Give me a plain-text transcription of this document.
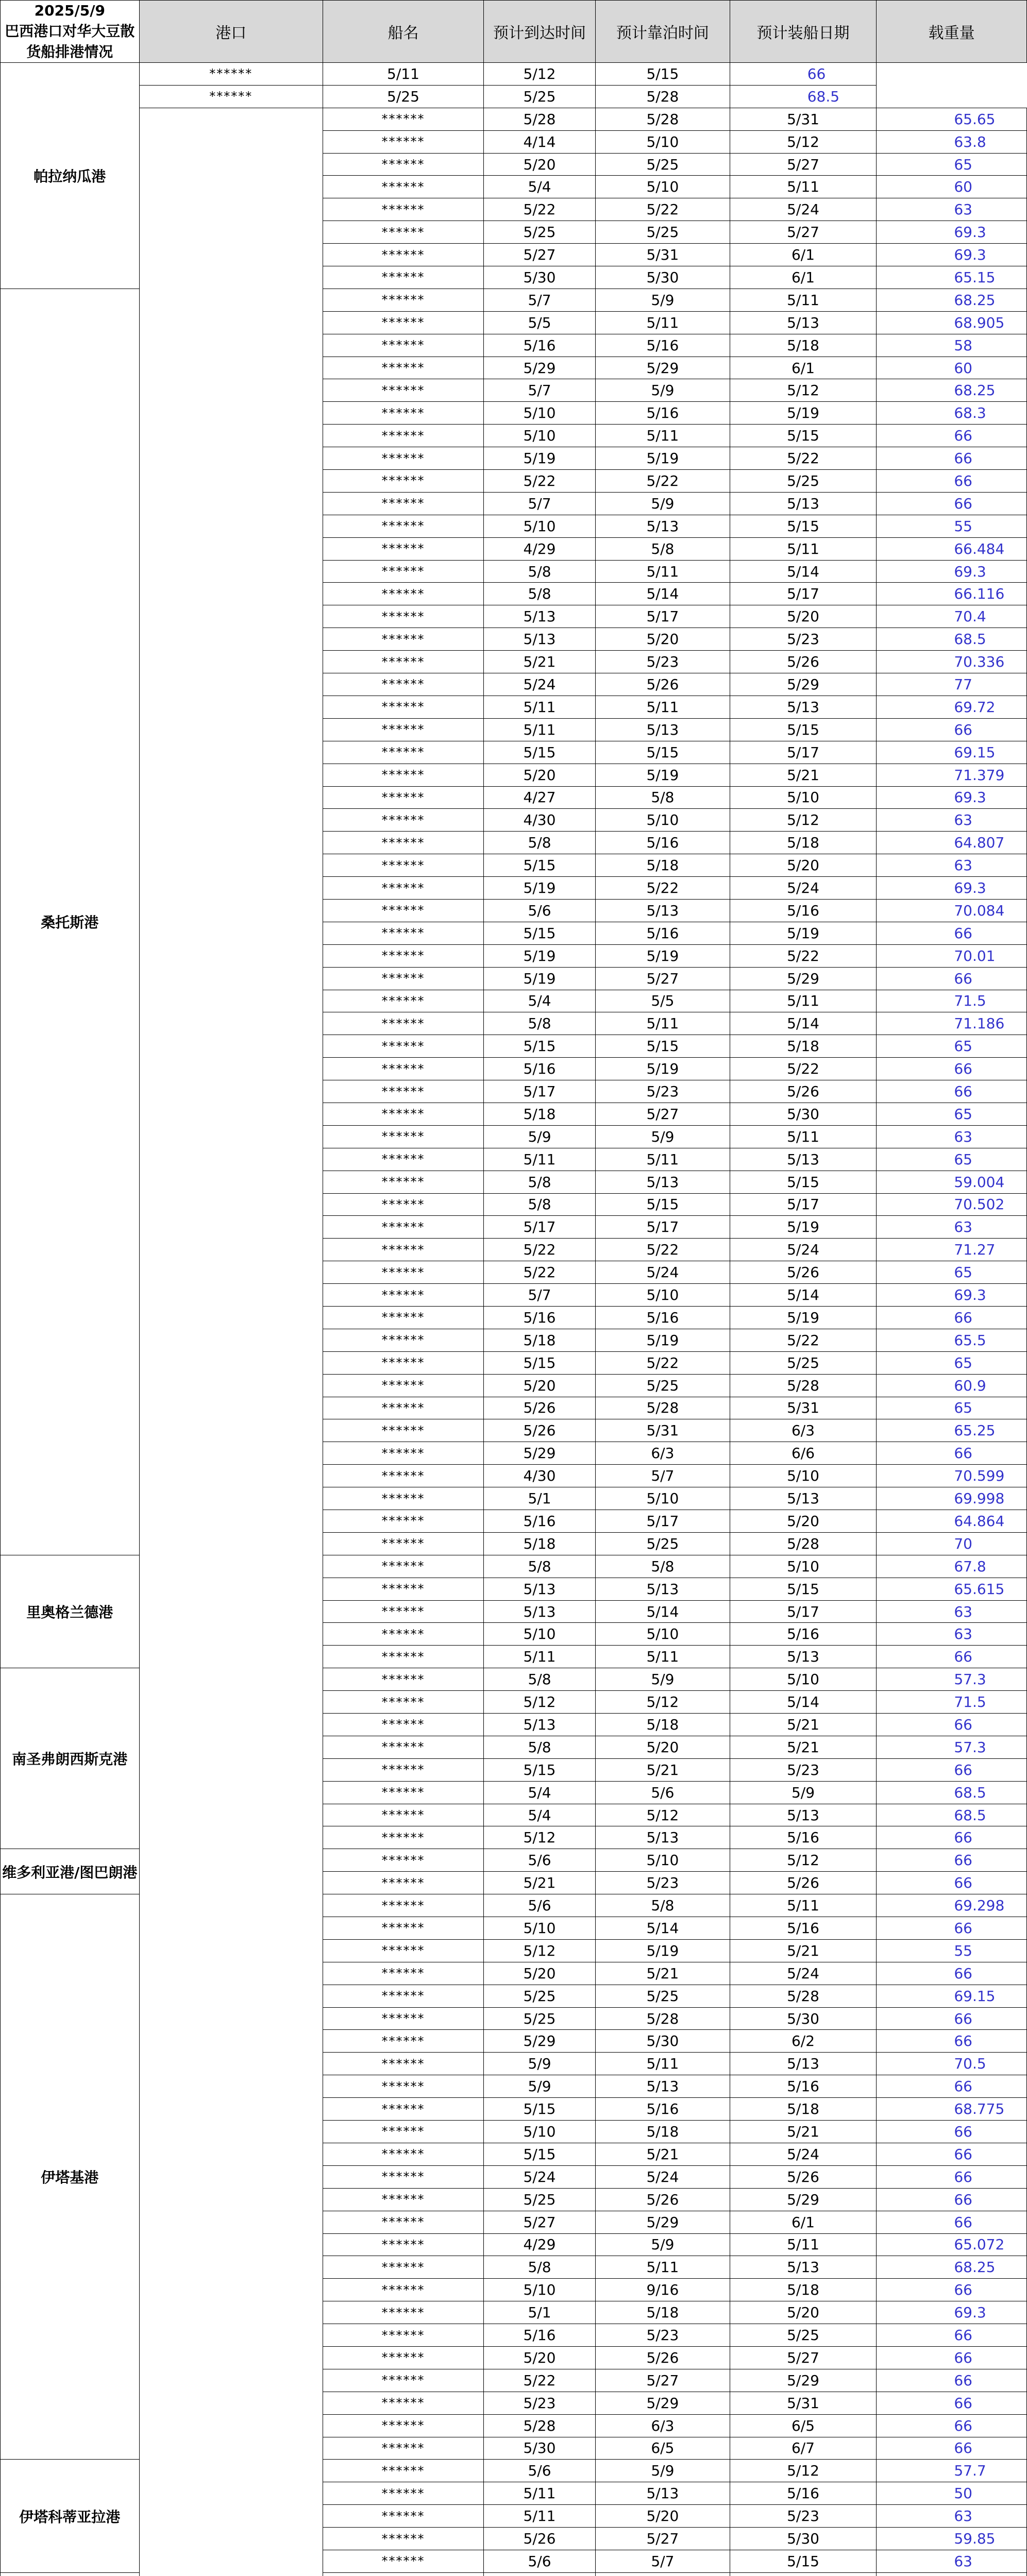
2025/5/9
巴西港口对华大豆散货船排港情况	港口	船名	预计到达时间	预计靠泊时间	预计装船日期	载重量
帕拉纳瓜港	******	5/11	5/12	5/15	66	
	******	5/25	5/25	5/28	68.5	
		******	5/28	5/28	5/31	65.65
		******	4/14	5/10	5/12	63.8
		******	5/20	5/25	5/27	65
		******	5/4	5/10	5/11	60
		******	5/22	5/22	5/24	63
		******	5/25	5/25	5/27	69.3
		******	5/27	5/31	6/1	69.3
		******	5/30	5/30	6/1	65.15
桑托斯港		******	5/7	5/9	5/11	68.25
		******	5/5	5/11	5/13	68.905
		******	5/16	5/16	5/18	58
		******	5/29	5/29	6/1	60
		******	5/7	5/9	5/12	68.25
		******	5/10	5/16	5/19	68.3
		******	5/10	5/11	5/15	66
		******	5/19	5/19	5/22	66
		******	5/22	5/22	5/25	66
		******	5/7	5/9	5/13	66
		******	5/10	5/13	5/15	55
		******	4/29	5/8	5/11	66.484
		******	5/8	5/11	5/14	69.3
		******	5/8	5/14	5/17	66.116
		******	5/13	5/17	5/20	70.4
		******	5/13	5/20	5/23	68.5
		******	5/21	5/23	5/26	70.336
		******	5/24	5/26	5/29	77
		******	5/11	5/11	5/13	69.72
		******	5/11	5/13	5/15	66
		******	5/15	5/15	5/17	69.15
		******	5/20	5/19	5/21	71.379
		******	4/27	5/8	5/10	69.3
		******	4/30	5/10	5/12	63
		******	5/8	5/16	5/18	64.807
		******	5/15	5/18	5/20	63
		******	5/19	5/22	5/24	69.3
		******	5/6	5/13	5/16	70.084
		******	5/15	5/16	5/19	66
		******	5/19	5/19	5/22	70.01
		******	5/19	5/27	5/29	66
		******	5/4	5/5	5/11	71.5
		******	5/8	5/11	5/14	71.186
		******	5/15	5/15	5/18	65
		******	5/16	5/19	5/22	66
		******	5/17	5/23	5/26	66
		******	5/18	5/27	5/30	65
		******	5/9	5/9	5/11	63
		******	5/11	5/11	5/13	65
		******	5/8	5/13	5/15	59.004
		******	5/8	5/15	5/17	70.502
		******	5/17	5/17	5/19	63
		******	5/22	5/22	5/24	71.27
		******	5/22	5/24	5/26	65
		******	5/7	5/10	5/14	69.3
		******	5/16	5/16	5/19	66
		******	5/18	5/19	5/22	65.5
		******	5/15	5/22	5/25	65
		******	5/20	5/25	5/28	60.9
		******	5/26	5/28	5/31	65
		******	5/26	5/31	6/3	65.25
		******	5/29	6/3	6/6	66
		******	4/30	5/7	5/10	70.599
		******	5/1	5/10	5/13	69.998
		******	5/16	5/17	5/20	64.864
		******	5/18	5/25	5/28	70
里奥格兰德港		******	5/8	5/8	5/10	67.8
		******	5/13	5/13	5/15	65.615
		******	5/13	5/14	5/17	63
		******	5/10	5/10	5/16	63
		******	5/11	5/11	5/13	66
南圣弗朗西斯克港		******	5/8	5/9	5/10	57.3
		******	5/12	5/12	5/14	71.5
		******	5/13	5/18	5/21	66
		******	5/8	5/20	5/21	57.3
		******	5/15	5/21	5/23	66
		******	5/4	5/6	5/9	68.5
		******	5/4	5/12	5/13	68.5
		******	5/12	5/13	5/16	66
维多利亚港/图巴朗港		******	5/6	5/10	5/12	66
		******	5/21	5/23	5/26	66
伊塔基港		******	5/6	5/8	5/11	69.298
		******	5/10	5/14	5/16	66
		******	5/12	5/19	5/21	55
		******	5/20	5/21	5/24	66
		******	5/25	5/25	5/28	69.15
		******	5/25	5/28	5/30	66
		******	5/29	5/30	6/2	66
		******	5/9	5/11	5/13	70.5
		******	5/9	5/13	5/16	66
		******	5/15	5/16	5/18	68.775
		******	5/10	5/18	5/21	66
		******	5/15	5/21	5/24	66
		******	5/24	5/24	5/26	66
		******	5/25	5/26	5/29	66
		******	5/27	5/29	6/1	66
		******	4/29	5/9	5/11	65.072
		******	5/8	5/11	5/13	68.25
		******	5/10	9/16	5/18	66
		******	5/1	5/18	5/20	69.3
		******	5/16	5/23	5/25	66
		******	5/20	5/26	5/27	66
		******	5/22	5/27	5/29	66
		******	5/23	5/29	5/31	66
		******	5/28	6/3	6/5	66
		******	5/30	6/5	6/7	66
伊塔科蒂亚拉港		******	5/6	5/9	5/12	57.7
		******	5/11	5/13	5/16	50
		******	5/11	5/20	5/23	63
		******	5/26	5/27	5/30	59.85
		******	5/6	5/7	5/15	63
